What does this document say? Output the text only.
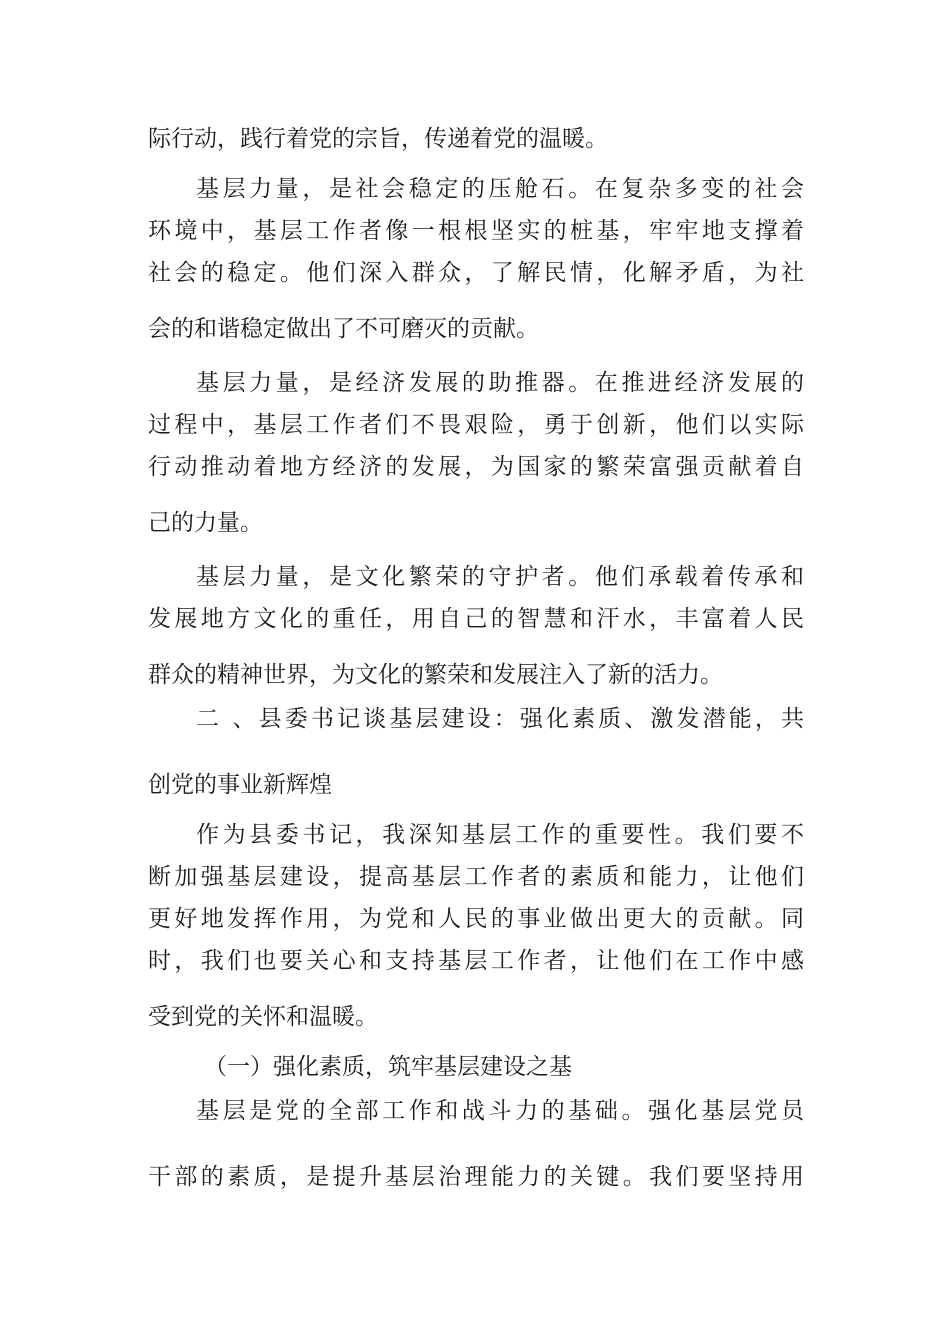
际行动，践行着党的宗旨，传递着党的温暖。
基层力量，是社会稳定的压舱石。在复杂多变的社会
环境中，基层工作者像一根根坚实的桩基，牢牢地支撑着
社会的稳定。他们深入群众，了解民情，化解矛盾，为社
会的和谐稳定做出了不可磨灭的贡献。
基层力量，是经济发展的助推器。在推进经济发展的
过程中，基层工作者们不畏艰险，勇于创新，他们以实际
行动推动着地方经济的发展，为国家的繁荣富强贡献着自
己的力量。
基层力量，是文化繁荣的守护者。他们承载着传承和
发展地方文化的重任，用自己的智慧和汗水，丰富着人民
群众的精神世界，为文化的繁荣和发展注入了新的活力。
二 、县委书记谈基层建设：强化素质、激发潜能，共
创党的事业新辉煌
作为县委书记，我深知基层工作的重要性。我们要不
断加强基层建设，提高基层工作者的素质和能力，让他们
更好地发挥作用，为党和人民的事业做出更大的贡献。同
时，我们也要关心和支持基层工作者，让他们在工作中感
受到党的关怀和温暖。
（一）强化素质，筑牢基层建设之基
基层是党的全部工作和战斗力的基础。强化基层党员
干部的素质，是提升基层治理能力的关键。我们要坚持用
